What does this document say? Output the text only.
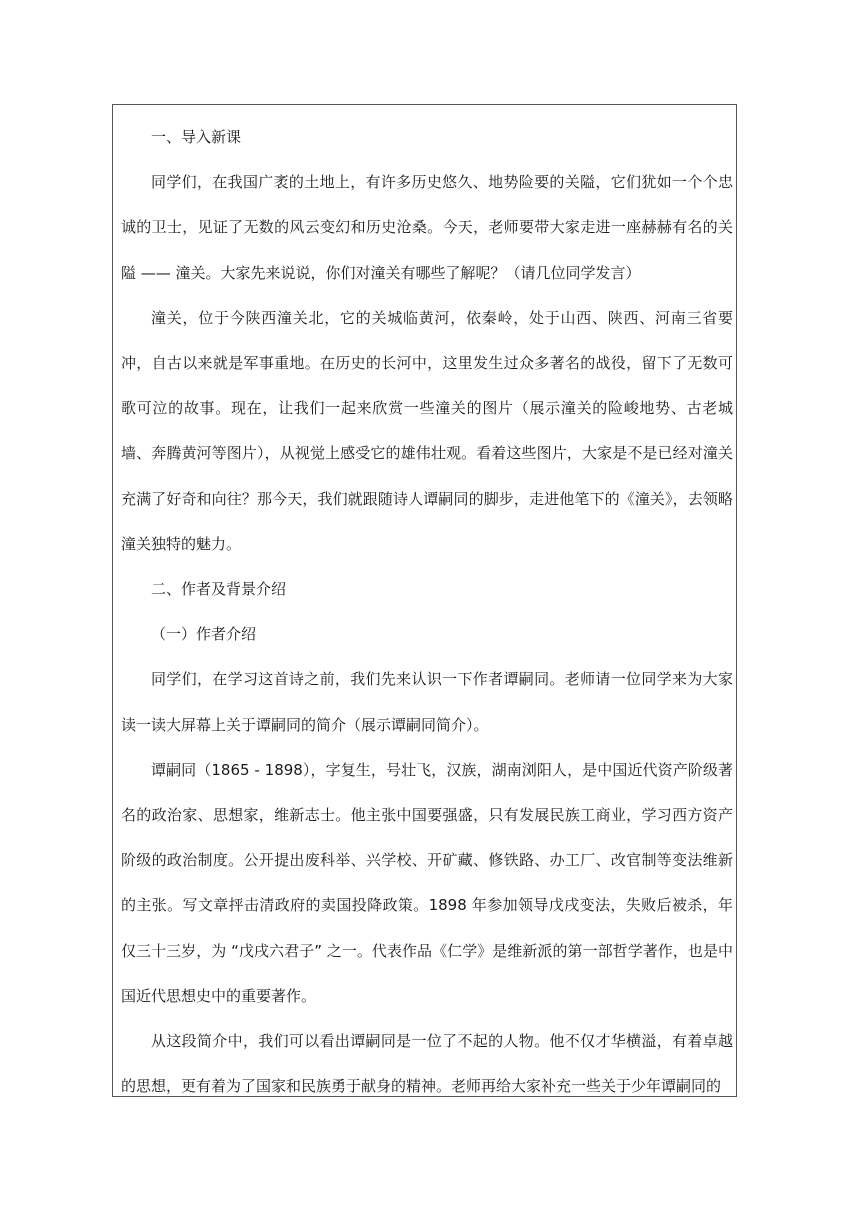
一、导入新课

同学们，在我国广袤的土地上，有许多历史悠久、地势险要的关隘，它们犹如一个个忠诚的卫士，见证了无数的风云变幻和历史沧桑。今天，老师要带大家走进一座赫赫有名的关隘 —— 潼关。大家先来说说，你们对潼关有哪些了解呢？（请几位同学发言）

潼关，位于今陕西潼关北，它的关城临黄河，依秦岭，处于山西、陕西、河南三省要冲，自古以来就是军事重地。在历史的长河中，这里发生过众多著名的战役，留下了无数可歌可泣的故事。现在，让我们一起来欣赏一些潼关的图片（展示潼关的险峻地势、古老城墙、奔腾黄河等图片），从视觉上感受它的雄伟壮观。看着这些图片，大家是不是已经对潼关充满了好奇和向往？那今天，我们就跟随诗人谭嗣同的脚步，走进他笔下的《潼关》，去领略潼关独特的魅力。

二、作者及背景介绍

（一）作者介绍

同学们，在学习这首诗之前，我们先来认识一下作者谭嗣同。老师请一位同学来为大家读一读大屏幕上关于谭嗣同的简介（展示谭嗣同简介）。

谭嗣同（1865 - 1898），字复生，号壮飞，汉族，湖南浏阳人，是中国近代资产阶级著名的政治家、思想家，维新志士。他主张中国要强盛，只有发展民族工商业，学习西方资产阶级的政治制度。公开提出废科举、兴学校、开矿藏、修铁路、办工厂、改官制等变法维新的主张。写文章抨击清政府的卖国投降政策。1898 年参加领导戊戌变法，失败后被杀，年仅三十三岁，为 “戊戌六君子” 之一。代表作品《仁学》是维新派的第一部哲学著作，也是中国近代思想史中的重要著作。

从这段简介中，我们可以看出谭嗣同是一位了不起的人物。他不仅才华横溢，有着卓越的思想，更有着为了国家和民族勇于献身的精神。老师再给大家补充一些关于少年谭嗣同的
